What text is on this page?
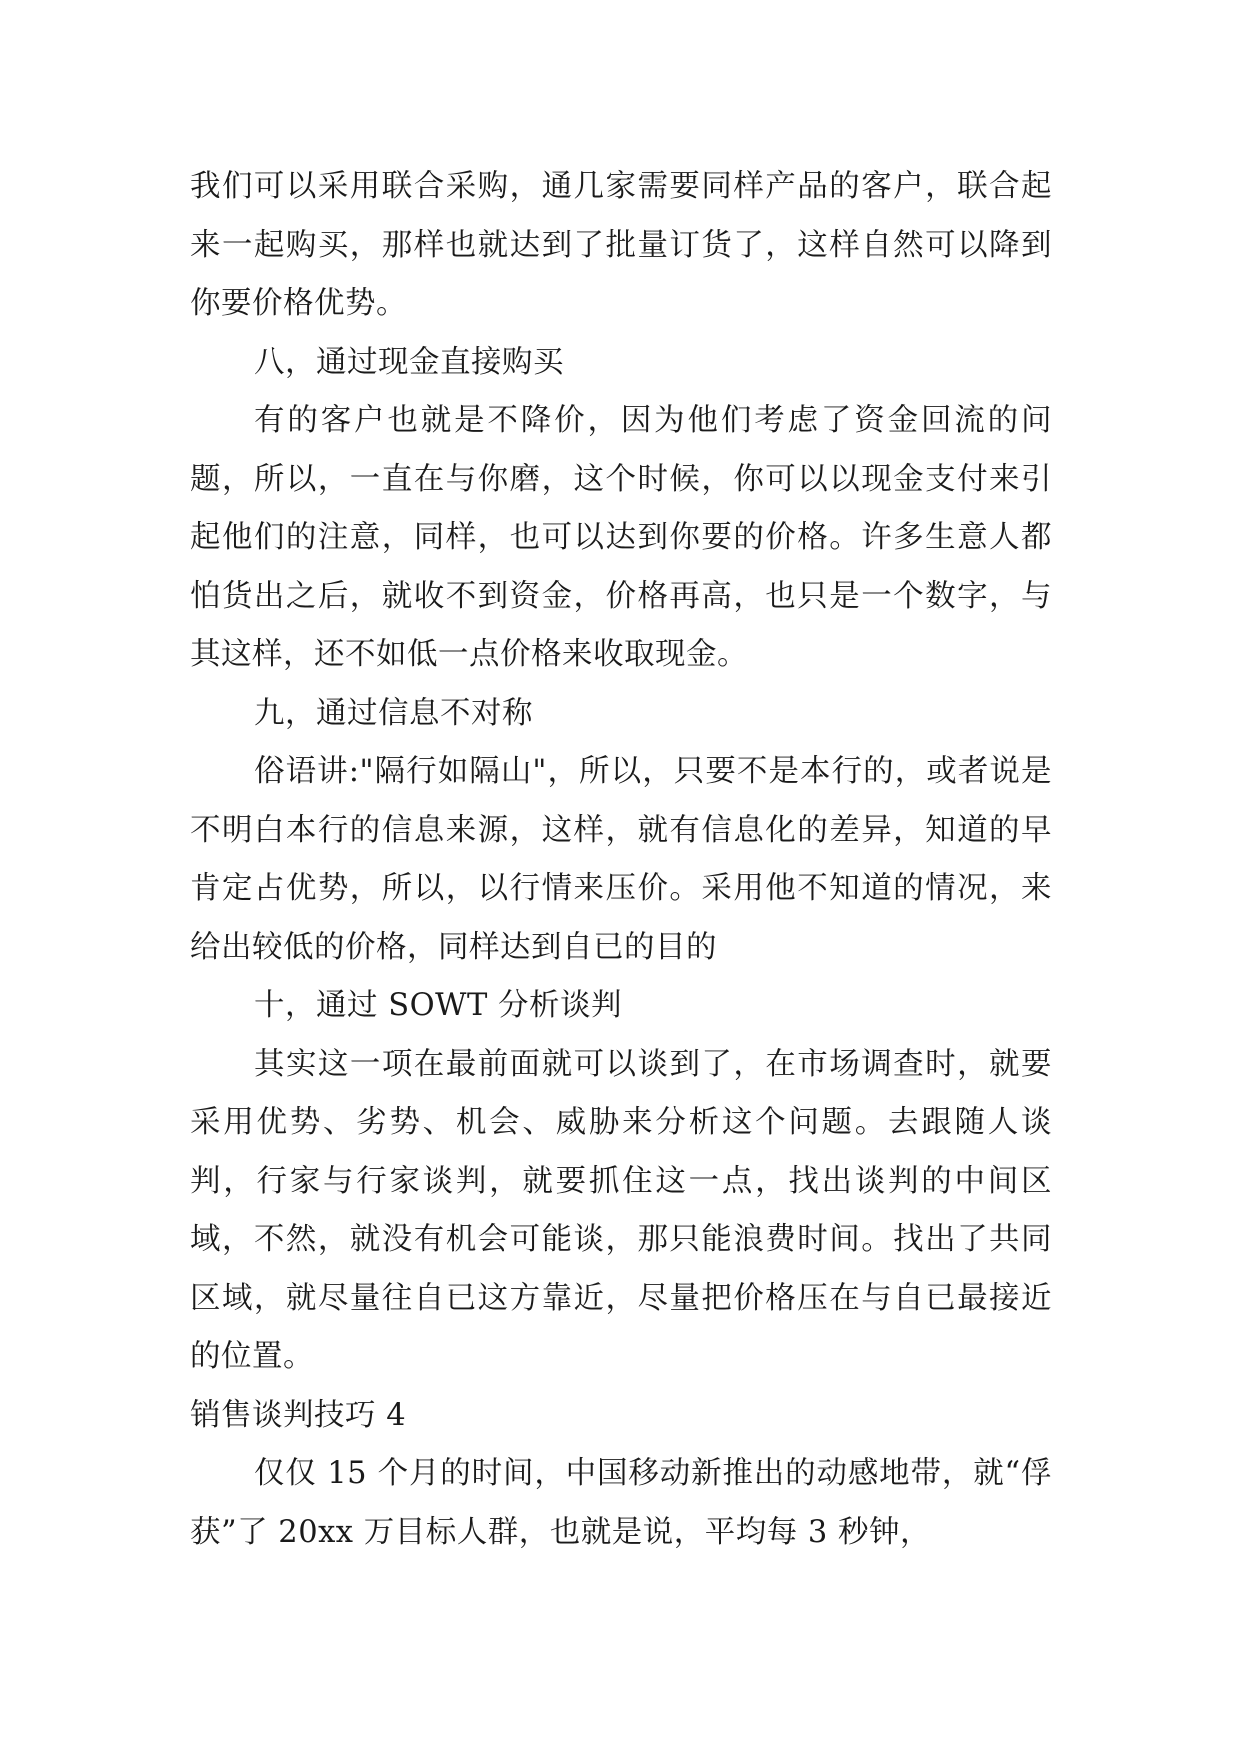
我们可以采用联合采购，通几家需要同样产品的客户，联合起来一起购买，那样也就达到了批量订货了，这样自然可以降到你要价格优势。

八，通过现金直接购买

有的客户也就是不降价，因为他们考虑了资金回流的问题，所以，一直在与你磨，这个时候，你可以以现金支付来引起他们的注意，同样，也可以达到你要的价格。许多生意人都怕货出之后，就收不到资金，价格再高，也只是一个数字，与其这样，还不如低一点价格来收取现金。

九，通过信息不对称

俗语讲:"隔行如隔山"，所以，只要不是本行的，或者说是不明白本行的信息来源，这样，就有信息化的差异，知道的早肯定占优势，所以，以行情来压价。采用他不知道的情况，来给出较低的价格，同样达到自已的目的

十，通过 SOWT 分析谈判

其实这一项在最前面就可以谈到了，在市场调查时，就要采用优势、劣势、机会、威胁来分析这个问题。去跟随人谈判，行家与行家谈判，就要抓住这一点，找出谈判的中间区域，不然，就没有机会可能谈，那只能浪费时间。找出了共同区域，就尽量往自已这方靠近，尽量把价格压在与自已最接近的位置。

销售谈判技巧 4

仅仅 15 个月的时间，中国移动新推出的动感地带，就“俘获”了 20xx 万目标人群，也就是说，平均每 3 秒钟，
